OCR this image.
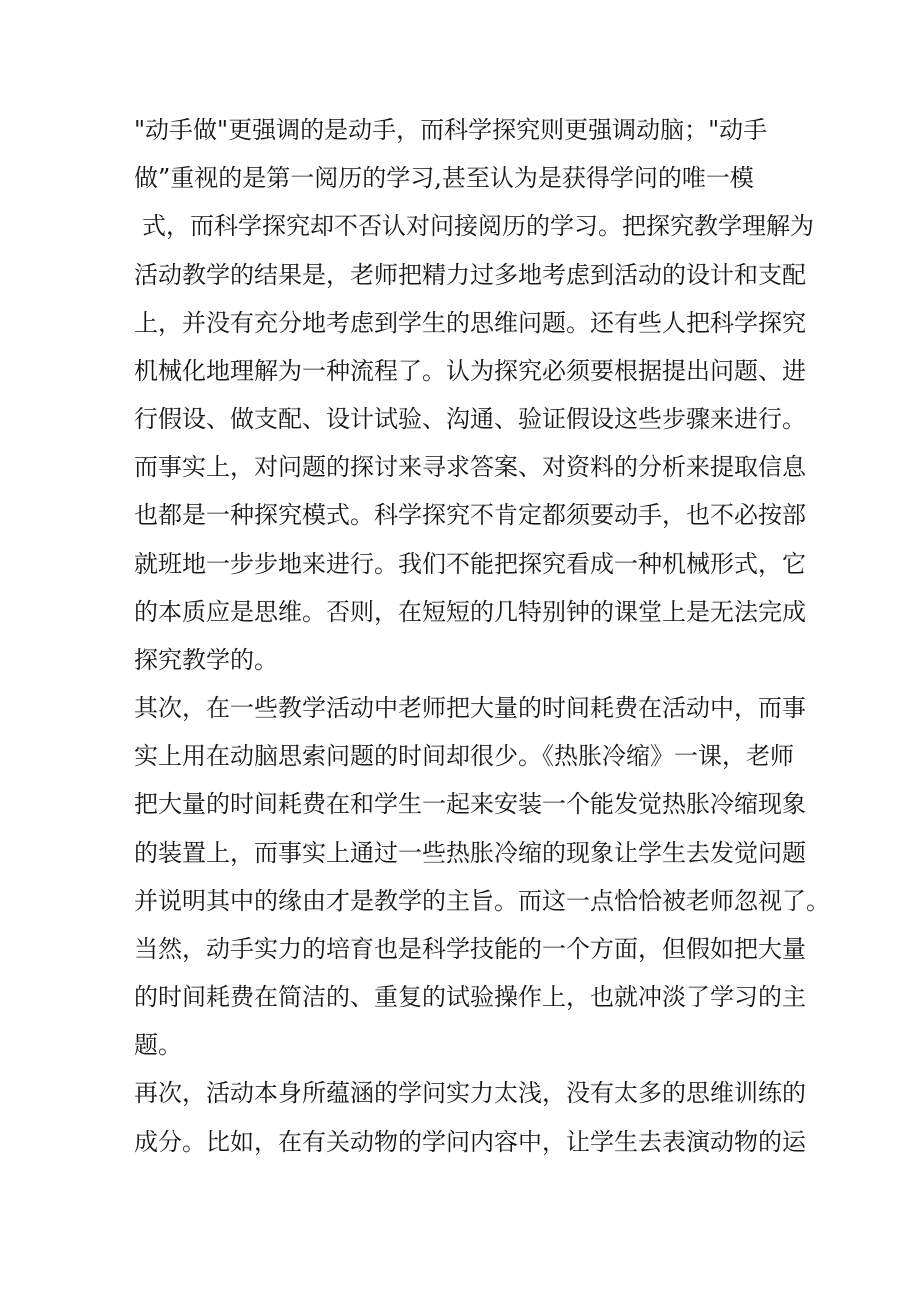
"动手做"更强调的是动手，而科学探究则更强调动脑；"动手
做”重视的是第一阅历的学习,甚至认为是获得学问的唯一模
式，而科学探究却不否认对问接阅历的学习。把探究教学理解为
活动教学的结果是，老师把精力过多地考虑到活动的设计和支配
上，并没有充分地考虑到学生的思维问题。还有些人把科学探究
机械化地理解为一种流程了。认为探究必须要根据提出问题、进
行假设、做支配、设计试验、沟通、验证假设这些步骤来进行。
而事实上，对问题的探讨来寻求答案、对资料的分析来提取信息
也都是一种探究模式。科学探究不肯定都须要动手，也不必按部
就班地一步步地来进行。我们不能把探究看成一种机械形式，它
的本质应是思维。否则，在短短的几特别钟的课堂上是无法完成
探究教学的。
其次，在一些教学活动中老师把大量的时间耗费在活动中，而事
实上用在动脑思索问题的时间却很少。《热胀冷缩》一课，老师
把大量的时间耗费在和学生一起来安装一个能发觉热胀冷缩现象
的装置上，而事实上通过一些热胀冷缩的现象让学生去发觉问题
并说明其中的缘由才是教学的主旨。而这一点恰恰被老师忽视了。
当然，动手实力的培育也是科学技能的一个方面，但假如把大量
的时间耗费在简洁的、重复的试验操作上，也就冲淡了学习的主
题。
再次，活动本身所蕴涵的学问实力太浅，没有太多的思维训练的
成分。比如，在有关动物的学问内容中，让学生去表演动物的运
